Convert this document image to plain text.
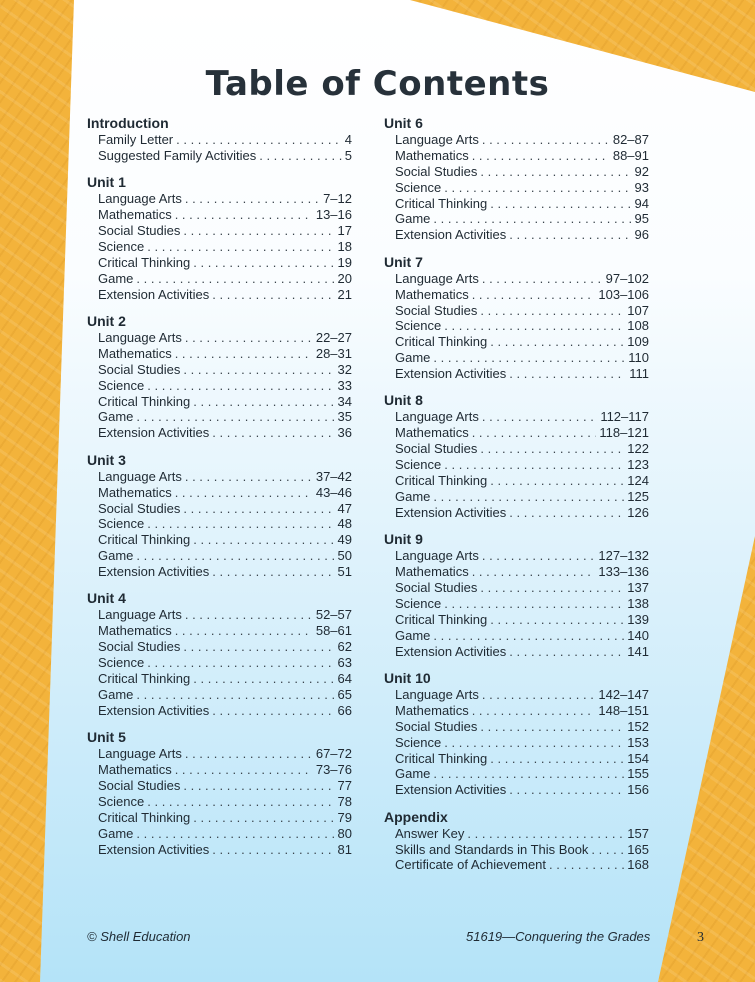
Table of Contents
Introduction
Family Letter . . .	4
Suggested Family Activities . . .	5
Unit 1
Language Arts . . .	7–12
Mathematics . . .	13–16
Social Studies . . .	17
Science . . .	18
Critical Thinking . . .	19
Game . . .	20
Extension Activities . . .	21
Unit 2
Language Arts . . .	22–27
Mathematics . . .	28–31
Social Studies . . .	32
Science . . .	33
Critical Thinking . . .	34
Game . . .	35
Extension Activities . . .	36
Unit 3
Language Arts . . .	37–42
Mathematics . . .	43–46
Social Studies . . .	47
Science . . .	48
Critical Thinking . . .	49
Game . . .	50
Extension Activities . . .	51
Unit 4
Language Arts . . .	52–57
Mathematics . . .	58–61
Social Studies . . .	62
Science . . .	63
Critical Thinking . . .	64
Game . . .	65
Extension Activities . . .	66
Unit 5
Language Arts . . .	67–72
Mathematics . . .	73–76
Social Studies . . .	77
Science . . .	78
Critical Thinking . . .	79
Game . . .	80
Extension Activities . . .	81
Unit 6
Language Arts . . .	82–87
Mathematics . . .	88–91
Social Studies . . .	92
Science . . .	93
Critical Thinking . . .	94
Game . . .	95
Extension Activities . . .	96
Unit 7
Language Arts . . .	97–102
Mathematics . . .	103–106
Social Studies . . .	107
Science . . .	108
Critical Thinking . . .	109
Game . . .	110
Extension Activities . . .	111
Unit 8
Language Arts . . .	112–117
Mathematics . . .	118–121
Social Studies . . .	122
Science . . .	123
Critical Thinking . . .	124
Game . . .	125
Extension Activities . . .	126
Unit 9
Language Arts . . .	127–132
Mathematics . . .	133–136
Social Studies . . .	137
Science . . .	138
Critical Thinking . . .	139
Game . . .	140
Extension Activities . . .	141
Unit 10
Language Arts . . .	142–147
Mathematics . . .	148–151
Social Studies . . .	152
Science . . .	153
Critical Thinking . . .	154
Game . . .	155
Extension Activities . . .	156
Appendix
Answer Key . . .	157
Skills and Standards in This Book . . .	165
Certificate of Achievement . . .	168
© Shell Education	51619—Conquering the Grades	3
